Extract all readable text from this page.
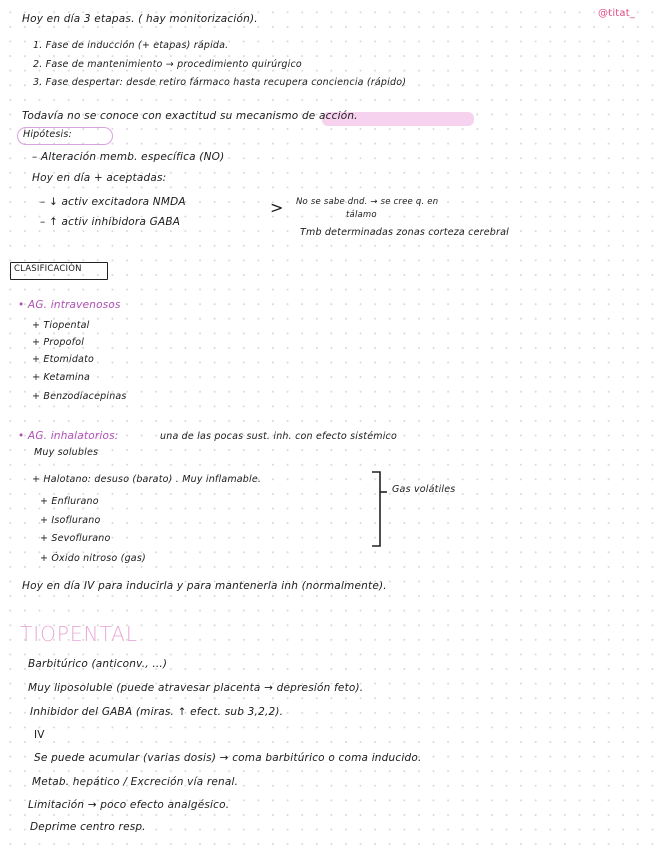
@titat_
Hoy en día 3 etapas. ( hay monitorización).
1. Fase de inducción (+ etapas) rápida.
2. Fase de mantenimiento → procedimiento quirúrgico
3. Fase despertar: desde retiro fármaco hasta recupera conciencia (rápido)
Todavía no se conoce con exactitud su mecanismo de acción.
Hipótesis:
– Alteración memb. específica (NO)
Hoy en día + aceptadas:
– ↓ activ excitadora NMDA
– ↑ activ inhibidora GABA
> No se sabe dnd. → se cree q. en
tálamo
Tmb determinadas zonas corteza cerebral
CLASIFICACIÓN
• AG. intravenosos
+ Tiopental
+ Propofol
+ Etomidato
+ Ketamina
+ Benzodiacepinas
• AG. inhalatorios:	una de las pocas sust. inh. con efecto sistémico
Muy solubles
+ Halotano: desuso (barato) . Muy inflamable.
+ Enflurano
+ Isoflurano
+ Sevoflurano
+ Óxido nitroso (gas)
Gas volátiles
Hoy en día IV para inducirla y para mantenerla inh (normalmente).
TIOPENTAL
Barbitúrico (anticonv., ...)
Muy liposoluble (puede atravesar placenta → depresión feto).
Inhibidor del GABA (miras. ↑ efect. sub 3,2,2).
IV
Se puede acumular (varias dosis) → coma barbitúrico o coma inducido.
Metab. hepático / Excreción vía renal.
Limitación → poco efecto analgésico.
Deprime centro resp.
